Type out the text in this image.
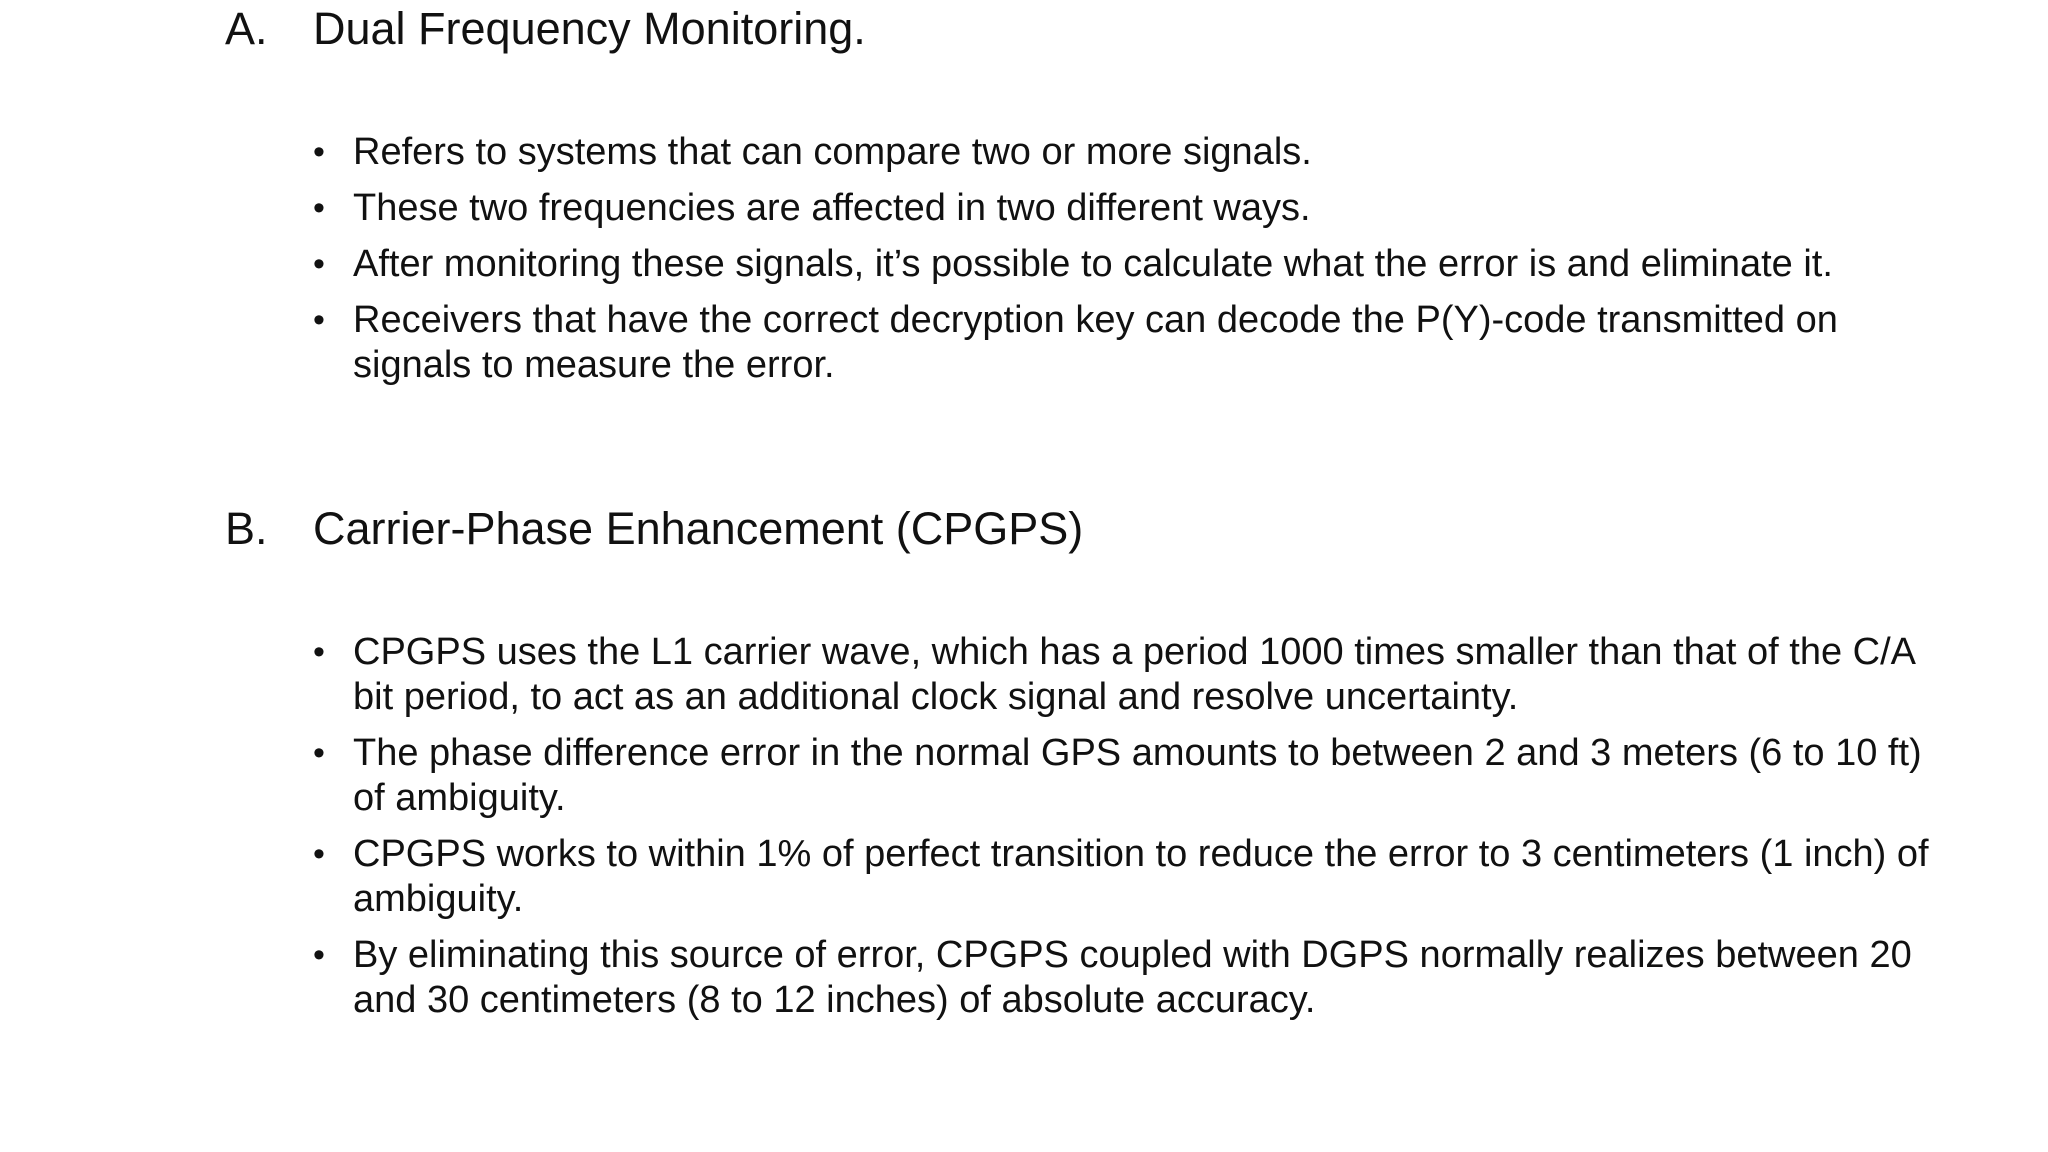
A.	Dual Frequency Monitoring.
• Refers to systems that can compare two or more signals.
• These two frequencies are affected in two different ways.
• After monitoring these signals, it’s possible to calculate what the error is and eliminate it.
• Receivers that have the correct decryption key can decode the P(Y)-code transmitted on signals to measure the error.
B.	Carrier-Phase Enhancement (CPGPS)
• CPGPS uses the L1 carrier wave, which has a period 1000 times smaller than that of the C/A bit period, to act as an additional clock signal and resolve uncertainty.
• The phase difference error in the normal GPS amounts to between 2 and 3 meters (6 to 10 ft) of ambiguity.
• CPGPS works to within 1% of perfect transition to reduce the error to 3 centimeters (1 inch) of ambiguity.
• By eliminating this source of error, CPGPS coupled with DGPS normally realizes between 20 and 30 centimeters (8 to 12 inches) of absolute accuracy.
